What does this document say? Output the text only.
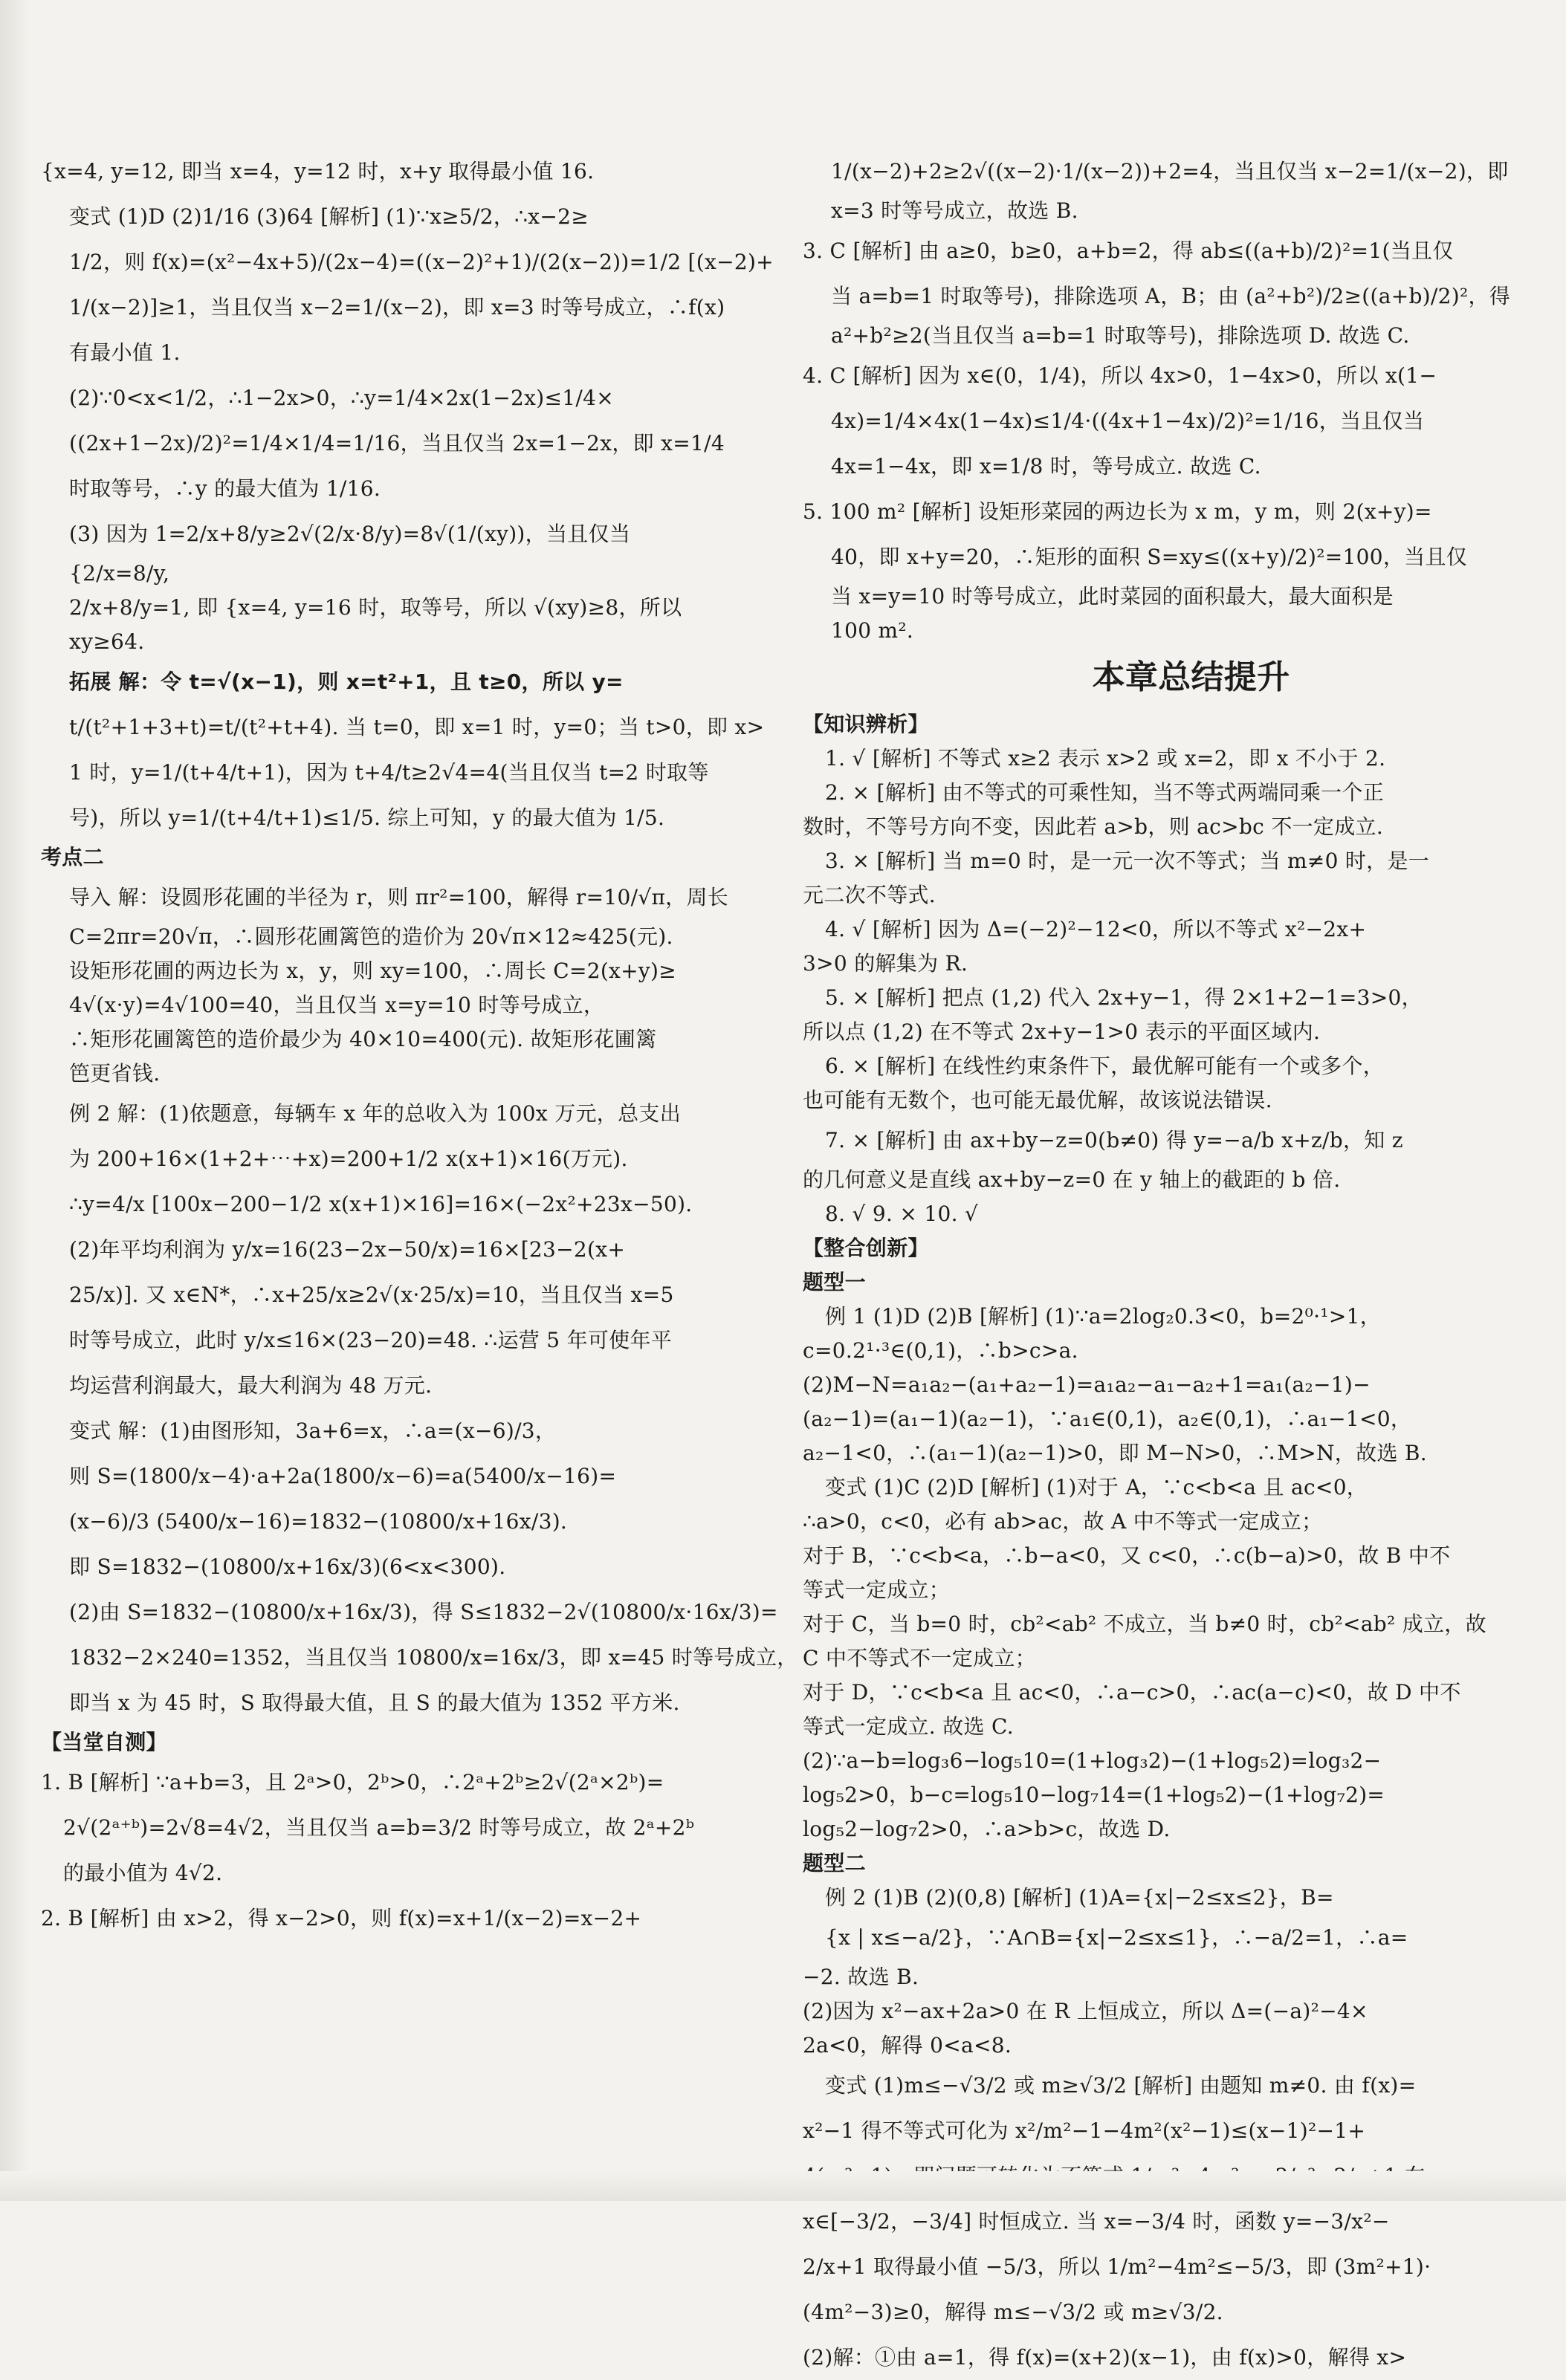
{x=4, y=12, 即当 x=4，y=12 时，x+y 取得最小值 16.
变式 (1)D (2)1/16 (3)64 [解析] (1)∵x≥5/2，∴x−2≥
1/2，则 f(x)=(x²−4x+5)/(2x−4)=((x−2)²+1)/(2(x−2))=1/2 [(x−2)+
1/(x−2)]≥1，当且仅当 x−2=1/(x−2)，即 x=3 时等号成立，∴f(x)
有最小值 1.
(2)∵0<x<1/2，∴1−2x>0，∴y=1/4×2x(1−2x)≤1/4×
((2x+1−2x)/2)²=1/4×1/4=1/16，当且仅当 2x=1−2x，即 x=1/4
时取等号，∴y 的最大值为 1/16.
(3) 因为 1=2/x+8/y≥2√(2/x·8/y)=8√(1/(xy))，当且仅当
{2/x=8/y,
2/x+8/y=1, 即 {x=4, y=16 时，取等号，所以 √(xy)≥8，所以
xy≥64.
拓展 解：令 t=√(x−1)，则 x=t²+1，且 t≥0，所以 y=
t/(t²+1+3+t)=t/(t²+t+4). 当 t=0，即 x=1 时，y=0；当 t>0，即 x>
1 时，y=1/(t+4/t+1)，因为 t+4/t≥2√4=4(当且仅当 t=2 时取等
号)，所以 y=1/(t+4/t+1)≤1/5. 综上可知，y 的最大值为 1/5.
考点二
导入 解：设圆形花圃的半径为 r，则 πr²=100，解得 r=10/√π，周长
C=2πr=20√π，∴圆形花圃篱笆的造价为 20√π×12≈425(元).
设矩形花圃的两边长为 x，y，则 xy=100，∴周长 C=2(x+y)≥
4√(x·y)=4√100=40，当且仅当 x=y=10 时等号成立，
∴矩形花圃篱笆的造价最少为 40×10=400(元). 故矩形花圃篱
笆更省钱.
例 2 解：(1)依题意，每辆车 x 年的总收入为 100x 万元，总支出
为 200+16×(1+2+⋯+x)=200+1/2 x(x+1)×16(万元).
∴y=4/x [100x−200−1/2 x(x+1)×16]=16×(−2x²+23x−50).
(2)年平均利润为 y/x=16(23−2x−50/x)=16×[23−2(x+
25/x)]. 又 x∈N*，∴x+25/x≥2√(x·25/x)=10，当且仅当 x=5
时等号成立，此时 y/x≤16×(23−20)=48. ∴运营 5 年可使年平
均运营利润最大，最大利润为 48 万元.
变式 解：(1)由图形知，3a+6=x，∴a=(x−6)/3，
则 S=(1800/x−4)·a+2a(1800/x−6)=a(5400/x−16)=
(x−6)/3 (5400/x−16)=1832−(10800/x+16x/3).
即 S=1832−(10800/x+16x/3)(6<x<300).
(2)由 S=1832−(10800/x+16x/3)，得 S≤1832−2√(10800/x·16x/3)=
1832−2×240=1352，当且仅当 10800/x=16x/3，即 x=45 时等号成立，
即当 x 为 45 时，S 取得最大值，且 S 的最大值为 1352 平方米.
【当堂自测】
1. B [解析] ∵a+b=3，且 2ᵃ>0，2ᵇ>0，∴2ᵃ+2ᵇ≥2√(2ᵃ×2ᵇ)=
2√(2ᵃ⁺ᵇ)=2√8=4√2，当且仅当 a=b=3/2 时等号成立，故 2ᵃ+2ᵇ
的最小值为 4√2.
2. B [解析] 由 x>2，得 x−2>0，则 f(x)=x+1/(x−2)=x−2+
1/(x−2)+2≥2√((x−2)·1/(x−2))+2=4，当且仅当 x−2=1/(x−2)，即
x=3 时等号成立，故选 B.
3. C [解析] 由 a≥0，b≥0，a+b=2，得 ab≤((a+b)/2)²=1(当且仅
当 a=b=1 时取等号)，排除选项 A，B；由 (a²+b²)/2≥((a+b)/2)²，得
a²+b²≥2(当且仅当 a=b=1 时取等号)，排除选项 D. 故选 C.
4. C [解析] 因为 x∈(0，1/4)，所以 4x>0，1−4x>0，所以 x(1−
4x)=1/4×4x(1−4x)≤1/4·((4x+1−4x)/2)²=1/16，当且仅当
4x=1−4x，即 x=1/8 时，等号成立. 故选 C.
5. 100 m² [解析] 设矩形菜园的两边长为 x m，y m，则 2(x+y)=
40，即 x+y=20，∴矩形的面积 S=xy≤((x+y)/2)²=100，当且仅
当 x=y=10 时等号成立，此时菜园的面积最大，最大面积是
100 m².
本章总结提升
【知识辨析】
1. √ [解析] 不等式 x≥2 表示 x>2 或 x=2，即 x 不小于 2.
2. × [解析] 由不等式的可乘性知，当不等式两端同乘一个正
数时，不等号方向不变，因此若 a>b，则 ac>bc 不一定成立.
3. × [解析] 当 m=0 时，是一元一次不等式；当 m≠0 时，是一
元二次不等式.
4. √ [解析] 因为 Δ=(−2)²−12<0，所以不等式 x²−2x+
3>0 的解集为 R.
5. × [解析] 把点 (1,2) 代入 2x+y−1，得 2×1+2−1=3>0，
所以点 (1,2) 在不等式 2x+y−1>0 表示的平面区域内.
6. × [解析] 在线性约束条件下，最优解可能有一个或多个，
也可能有无数个，也可能无最优解，故该说法错误.
7. × [解析] 由 ax+by−z=0(b≠0) 得 y=−a/b x+z/b，知 z
的几何意义是直线 ax+by−z=0 在 y 轴上的截距的 b 倍.
8. √ 9. × 10. √
【整合创新】
题型一
例 1 (1)D (2)B [解析] (1)∵a=2log₂0.3<0，b=2⁰·¹>1，
c=0.2¹·³∈(0,1)，∴b>c>a.
(2)M−N=a₁a₂−(a₁+a₂−1)=a₁a₂−a₁−a₂+1=a₁(a₂−1)−
(a₂−1)=(a₁−1)(a₂−1)，∵a₁∈(0,1)，a₂∈(0,1)，∴a₁−1<0，
a₂−1<0，∴(a₁−1)(a₂−1)>0，即 M−N>0，∴M>N，故选 B.
变式 (1)C (2)D [解析] (1)对于 A，∵c<b<a 且 ac<0，
∴a>0，c<0，必有 ab>ac，故 A 中不等式一定成立；
对于 B，∵c<b<a，∴b−a<0，又 c<0，∴c(b−a)>0，故 B 中不
等式一定成立；
对于 C，当 b=0 时，cb²<ab² 不成立，当 b≠0 时，cb²<ab² 成立，故
C 中不等式不一定成立；
对于 D，∵c<b<a 且 ac<0，∴a−c>0，∴ac(a−c)<0，故 D 中不
等式一定成立. 故选 C.
(2)∵a−b=log₃6−log₅10=(1+log₃2)−(1+log₅2)=log₃2−
log₅2>0，b−c=log₅10−log₇14=(1+log₅2)−(1+log₇2)=
log₅2−log₇2>0，∴a>b>c，故选 D.
题型二
例 2 (1)B (2)(0,8) [解析] (1)A={x|−2≤x≤2}，B=
{x | x≤−a/2}，∵A∩B={x|−2≤x≤1}，∴−a/2=1，∴a=
−2. 故选 B.
(2)因为 x²−ax+2a>0 在 R 上恒成立，所以 Δ=(−a)²−4×
2a<0，解得 0<a<8.
变式 (1)m≤−√3/2 或 m≥√3/2 [解析] 由题知 m≠0. 由 f(x)=
x²−1 得不等式可化为 x²/m²−1−4m²(x²−1)≤(x−1)²−1+
x∈[−3/2，−3/4] 时恒成立. 当 x=−3/4 时，函数 y=−3/x²−
2/x+1 取得最小值 −5/3，所以 1/m²−4m²≤−5/3，即 (3m²+1)·
(4m²−3)≥0，解得 m≤−√3/2 或 m≥√3/2.
(2)解：①由 a=1，得 f(x)=(x+2)(x−1)，由 f(x)>0，解得 x>
